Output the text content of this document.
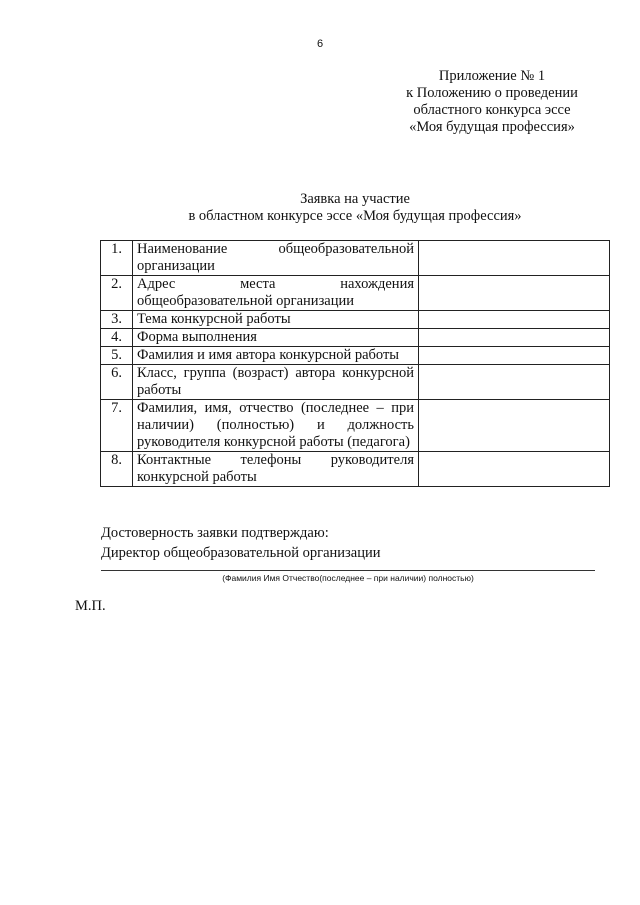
6
Приложение № 1
к Положению о проведении
областного конкурса эссе
«Моя будущая профессия»
Заявка на участие
в областном конкурсе эссе «Моя будущая профессия»
1.	Наименование общеобразовательной организации	
2.	Адрес места нахождения общеобразовательной организации	
3.	Тема конкурсной работы	
4.	Форма выполнения	
5.	Фамилия и имя автора конкурсной работы	
6.	Класс, группа (возраст) автора конкурсной работы	
7.	Фамилия, имя, отчество (последнее – при наличии) (полностью) и должность руководителя конкурсной работы (педагога)	
8.	Контактные телефоны руководителя конкурсной работы	
Достоверность заявки подтверждаю:
Директор общеобразовательной организации
(Фамилия Имя Отчество(последнее – при наличии) полностью)
М.П.
